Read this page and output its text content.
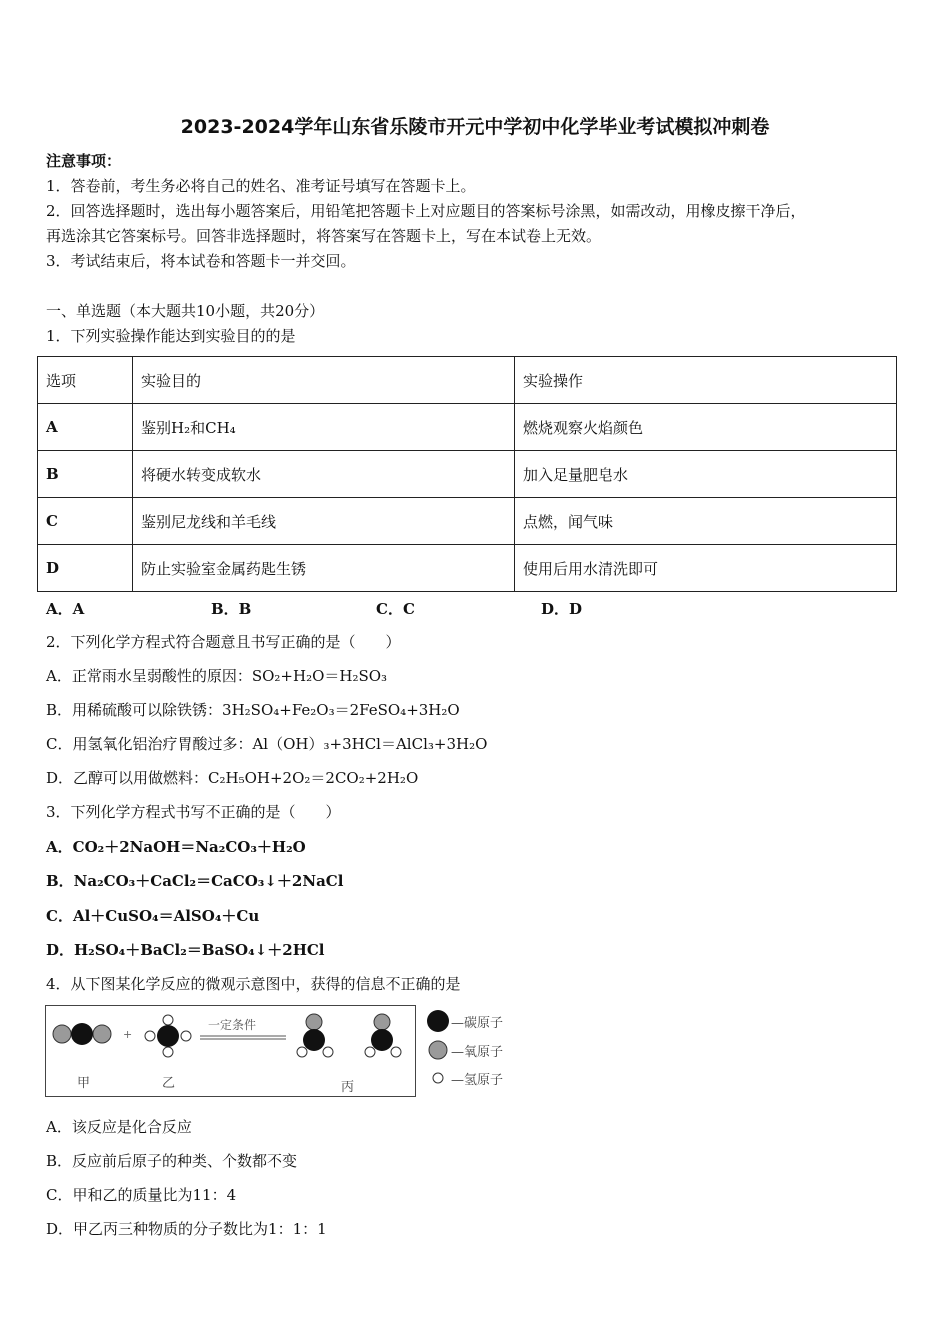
2023-2024学年山东省乐陵市开元中学初中化学毕业考试模拟冲刺卷
注意事项：
1．答卷前，考生务必将自己的姓名、准考证号填写在答题卡上。
2．回答选择题时，选出每小题答案后，用铅笔把答题卡上对应题目的答案标号涂黑，如需改动，用橡皮擦干净后，
再选涂其它答案标号。回答非选择题时，将答案写在答题卡上，写在本试卷上无效。
3．考试结束后，将本试卷和答题卡一并交回。
一、单选题（本大题共10小题，共20分）
1．下列实验操作能达到实验目的的是
选项	实验目的	实验操作
A	鉴别H₂和CH₄	燃烧观察火焰颜色
B	将硬水转变成软水	加入足量肥皂水
C	鉴别尼龙线和羊毛线	点燃，闻气味
D	防止实验室金属药匙生锈	使用后用水清洗即可
A．A	B．B	C．C	D．D
2．下列化学方程式符合题意且书写正确的是（　　）
A．正常雨水呈弱酸性的原因：SO₂+H₂O＝H₂SO₃
B．用稀硫酸可以除铁锈：3H₂SO₄+Fe₂O₃＝2FeSO₄+3H₂O
C．用氢氧化铝治疗胃酸过多：Al（OH）₃+3HCl＝AlCl₃+3H₂O
D．乙醇可以用做燃料：C₂H₅OH+2O₂＝2CO₂+2H₂O
3．下列化学方程式书写不正确的是（　　）
A．CO₂＋2NaOH＝Na₂CO₃＋H₂O
B．Na₂CO₃＋CaCl₂＝CaCO₃↓＋2NaCl
C．Al＋CuSO₄＝AlSO₄＋Cu
D．H₂SO₄＋BaCl₂＝BaSO₄↓＋2HCl
4．从下图某化学反应的微观示意图中，获得的信息不正确的是
+
一定条件
甲	乙	丙
—碳原子
—氧原子
—氢原子
A．该反应是化合反应
B．反应前后原子的种类、个数都不变
C．甲和乙的质量比为11：4
D．甲乙丙三种物质的分子数比为1：1：1
